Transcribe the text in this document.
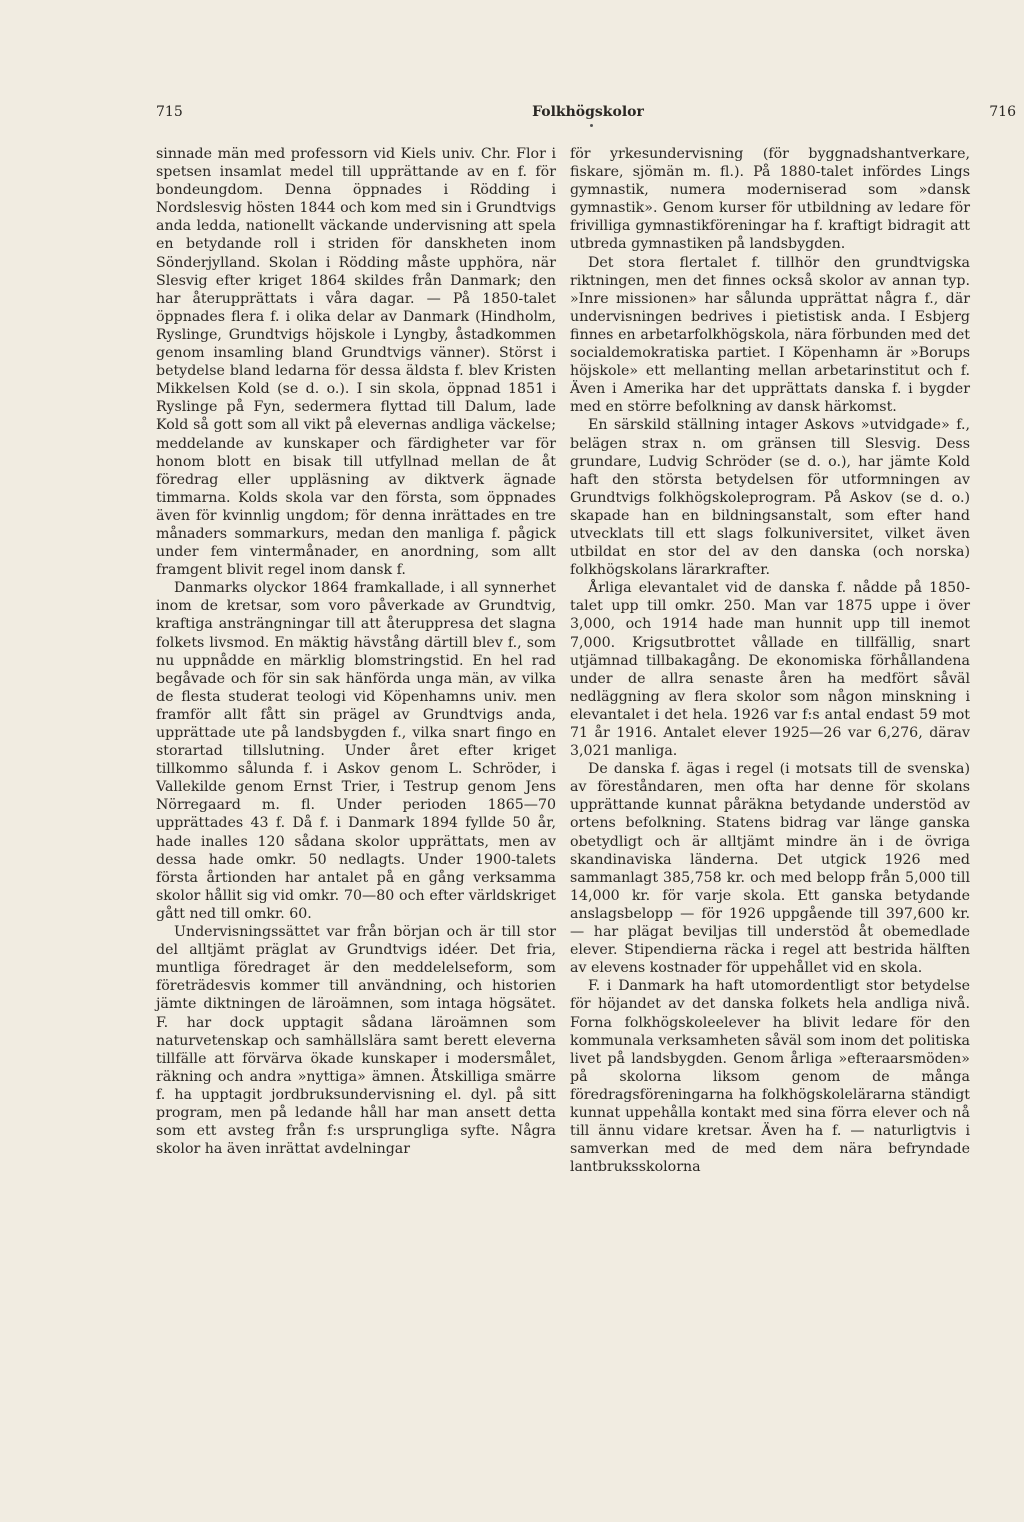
715	Folkhögskolor	716

sinnade män med professorn vid Kiels univ. Chr. Flor i spetsen insamlat medel till upprättande av en f. för bondeungdom. Denna öppnades i Rödding i Nordslesvig hösten 1844 och kom med sin i Grundtvigs anda ledda, nationellt väckande undervisning att spela en betydande roll i striden för danskheten inom Sönderjylland. Skolan i Rödding måste upphöra, när Slesvig efter kriget 1864 skildes från Danmark; den har återupprättats i våra dagar. — På 1850-talet öppnades flera f. i olika delar av Danmark (Hindholm, Ryslinge, Grundtvigs höjskole i Lyngby, åstadkommen genom insamling bland Grundtvigs vänner). Störst i betydelse bland ledarna för dessa äldsta f. blev Kristen Mikkelsen Kold (se d. o.). I sin skola, öppnad 1851 i Ryslinge på Fyn, sedermera flyttad till Dalum, lade Kold så gott som all vikt på elevernas andliga väckelse; meddelande av kunskaper och färdigheter var för honom blott en bisak till utfyllnad mellan de åt föredrag eller uppläsning av diktverk ägnade timmarna. Kolds skola var den första, som öppnades även för kvinnlig ungdom; för denna inrättades en tre månaders sommarkurs, medan den manliga f. pågick under fem vintermånader, en anordning, som allt framgent blivit regel inom dansk f.

Danmarks olyckor 1864 framkallade, i all synnerhet inom de kretsar, som voro påverkade av Grundtvig, kraftiga ansträngningar till att återuppresa det slagna folkets livsmod. En mäktig hävstång därtill blev f., som nu uppnådde en märklig blomstringstid. En hel rad begåvade och för sin sak hänförda unga män, av vilka de flesta studerat teologi vid Köpenhamns univ. men framför allt fått sin prägel av Grundtvigs anda, upprättade ute på landsbygden f., vilka snart fingo en storartad tillslutning. Under året efter kriget tillkommo sålunda f. i Askov genom L. Schröder, i Vallekilde genom Ernst Trier, i Testrup genom Jens Nörregaard m. fl. Under perioden 1865—70 upprättades 43 f. Då f. i Danmark 1894 fyllde 50 år, hade inalles 120 sådana skolor upprättats, men av dessa hade omkr. 50 nedlagts. Under 1900-talets första årtionden har antalet på en gång verksamma skolor hållit sig vid omkr. 70—80 och efter världskriget gått ned till omkr. 60.

Undervisningssättet var från början och är till stor del alltjämt präglat av Grundtvigs idéer. Det fria, muntliga föredraget är den meddelelseform, som företrädesvis kommer till användning, och historien jämte diktningen de läroämnen, som intaga högsätet. F. har dock upptagit sådana läroämnen som naturvetenskap och samhällslära samt berett eleverna tillfälle att förvärva ökade kunskaper i modersmålet, räkning och andra »nyttiga» ämnen. Åtskilliga smärre f. ha upptagit jordbruksundervisning el. dyl. på sitt program, men på ledande håll har man ansett detta som ett avsteg från f:s ursprungliga syfte. Några skolor ha även inrättat avdelningar

för yrkesundervisning (för byggnadshantverkare, fiskare, sjömän m. fl.). På 1880-talet infördes Lings gymnastik, numera moderniserad som »dansk gymnastik». Genom kurser för utbildning av ledare för frivilliga gymnastikföreningar ha f. kraftigt bidragit att utbreda gymnastiken på landsbygden.

Det stora flertalet f. tillhör den grundtvigska riktningen, men det finnes också skolor av annan typ. »Inre missionen» har sålunda upprättat några f., där undervisningen bedrives i pietistisk anda. I Esbjerg finnes en arbetarfolkhögskola, nära förbunden med det socialdemokratiska partiet. I Köpenhamn är »Borups höjskole» ett mellanting mellan arbetarinstitut och f. Även i Amerika har det upprättats danska f. i bygder med en större befolkning av dansk härkomst.

En särskild ställning intager Askovs »utvidgade» f., belägen strax n. om gränsen till Slesvig. Dess grundare, Ludvig Schröder (se d. o.), har jämte Kold haft den största betydelsen för utformningen av Grundtvigs folkhögskoleprogram. På Askov (se d. o.) skapade han en bildningsanstalt, som efter hand utvecklats till ett slags folkuniversitet, vilket även utbildat en stor del av den danska (och norska) folkhögskolans lärarkrafter.

Årliga elevantalet vid de danska f. nådde på 1850-talet upp till omkr. 250. Man var 1875 uppe i över 3,000, och 1914 hade man hunnit upp till inemot 7,000. Krigsutbrottet vållade en tillfällig, snart utjämnad tillbakagång. De ekonomiska förhållandena under de allra senaste åren ha medfört såväl nedläggning av flera skolor som någon minskning i elevantalet i det hela. 1926 var f:s antal endast 59 mot 71 år 1916. Antalet elever 1925—26 var 6,276, därav 3,021 manliga.

De danska f. ägas i regel (i motsats till de svenska) av föreståndaren, men ofta har denne för skolans upprättande kunnat påräkna betydande understöd av ortens befolkning. Statens bidrag var länge ganska obetydligt och är alltjämt mindre än i de övriga skandinaviska länderna. Det utgick 1926 med sammanlagt 385,758 kr. och med belopp från 5,000 till 14,000 kr. för varje skola. Ett ganska betydande anslagsbelopp — för 1926 uppgående till 397,600 kr. — har plägat beviljas till understöd åt obemedlade elever. Stipendierna räcka i regel att bestrida hälften av elevens kostnader för uppehållet vid en skola.

F. i Danmark ha haft utomordentligt stor betydelse för höjandet av det danska folkets hela andliga nivå. Forna folkhögskoleelever ha blivit ledare för den kommunala verksamheten såväl som inom det politiska livet på landsbygden. Genom årliga »efteraarsmöden» på skolorna liksom genom de många föredragsföreningarna ha folkhögskolelärarna ständigt kunnat uppehålla kontakt med sina förra elever och nå till ännu vidare kretsar. Även ha f. — naturligtvis i samverkan med de med dem nära befryndade lantbruksskolorna
